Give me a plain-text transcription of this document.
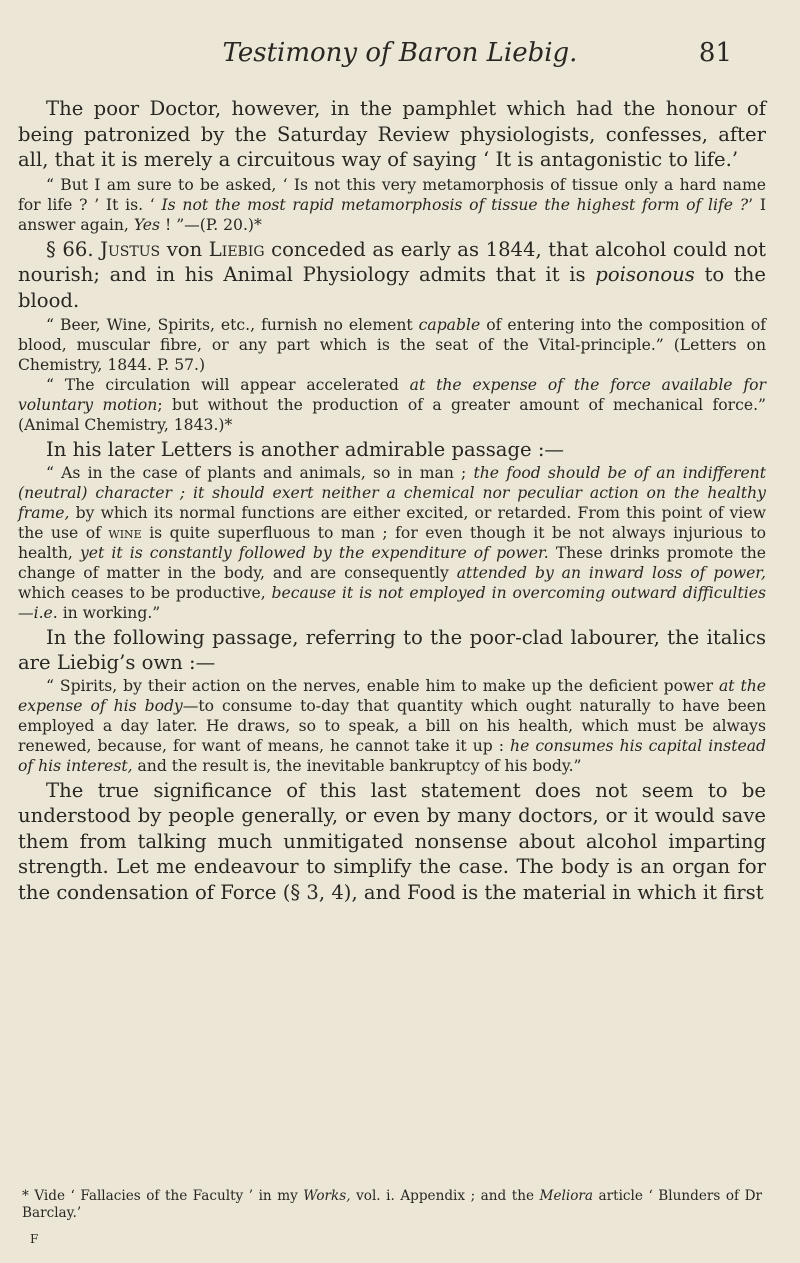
Testimony of Baron Liebig.	81

The poor Doctor, however, in the pamphlet which had the honour of being patronized by the Saturday Review physiologists, confesses, after all, that it is merely a circuitous way of saying ‘ It is antagonistic to life.’

“ But I am sure to be asked, ‘ Is not this very metamorphosis of tissue only a hard name for life ? ’ It is. ‘ Is not the most rapid metamorphosis of tissue the highest form of life ?’ I answer again, Yes ! ”—(P. 20.)*

§ 66. Justus von Liebig conceded as early as 1844, that alcohol could not nourish; and in his Animal Physiology admits that it is poisonous to the blood.

“ Beer, Wine, Spirits, etc., furnish no element capable of entering into the composition of blood, muscular fibre, or any part which is the seat of the Vital-principle.” (Letters on Chemistry, 1844. P. 57.)

“ The circulation will appear accelerated at the expense of the force available for voluntary motion; but without the production of a greater amount of mechanical force.” (Animal Chemistry, 1843.)*

In his later Letters is another admirable passage :—

“ As in the case of plants and animals, so in man ; the food should be of an indifferent (neutral) character ; it should exert neither a chemical nor peculiar action on the healthy frame, by which its normal functions are either excited, or retarded. From this point of view the use of wine is quite superfluous to man ; for even though it be not always injurious to health, yet it is constantly followed by the expenditure of power. These drinks promote the change of matter in the body, and are consequently attended by an inward loss of power, which ceases to be productive, because it is not employed in overcoming outward difficulties—i.e. in working.”

In the following passage, referring to the poor-clad labourer, the italics are Liebig’s own :—

“ Spirits, by their action on the nerves, enable him to make up the deficient power at the expense of his body—to consume to-day that quantity which ought naturally to have been employed a day later. He draws, so to speak, a bill on his health, which must be always renewed, because, for want of means, he cannot take it up : he consumes his capital instead of his interest, and the result is, the inevitable bankruptcy of his body.”

The true significance of this last statement does not seem to be understood by people generally, or even by many doctors, or it would save them from talking much unmitigated nonsense about alcohol imparting strength. Let me endeavour to simplify the case. The body is an organ for the condensation of Force (§ 3, 4), and Food is the material in which it first

* Vide ‘ Fallacies of the Faculty ’ in my Works, vol. i. Appendix ; and the Meliora article ‘ Blunders of Dr Barclay.’
F
